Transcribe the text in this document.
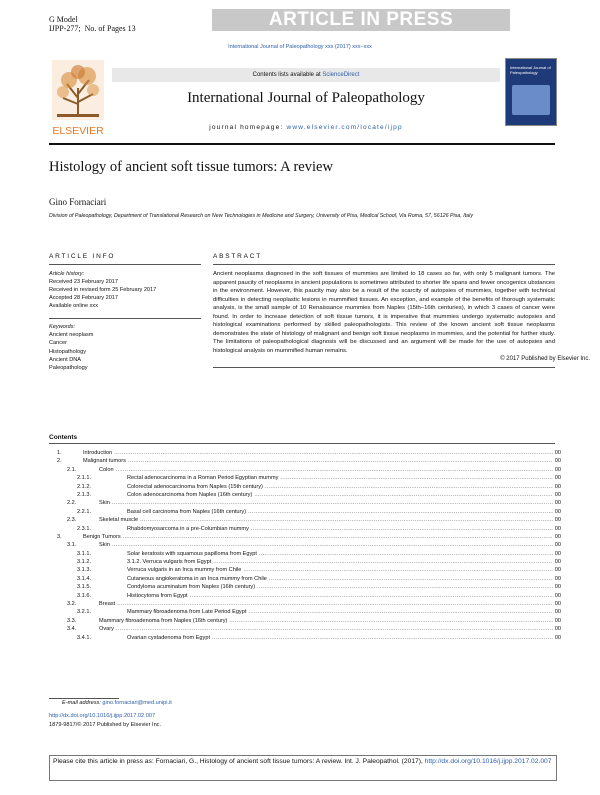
G Model
IJPP-277; No. of Pages 13	ARTICLE IN PRESS
International Journal of Paleopathology xxx (2017) xxx–xxx
ELSEVIER
Contents lists available at ScienceDirect
International Journal of Paleopathology
journal homepage: www.elsevier.com/locate/ijpp
International Journal of Paleopathology
Histology of ancient soft tissue tumors: A review
Gino Fornaciari
Division of Paleopathology, Department of Translational Research on New Technologies in Medicine and Surgery, University of Pisa, Medical School, Via Roma, 57, 56126 Pisa, Italy
ARTICLE INFO	ABSTRACT
Article history:
Received 23 February 2017
Received in revised form 25 February 2017
Accepted 28 February 2017
Available online xxx
Keywords:
Ancient neoplasm
Cancer
Histopathology
Ancient DNA
Paleopathology
Ancient neoplasms diagnosed in the soft tissues of mummies are limited to 18 cases so far, with only 5 malignant tumors. The apparent paucity of neoplasms in ancient populations is sometimes attributed to shorter life spans and fewer oncogenics ubstances in the environment. However, this paucity may also be a result of the scarcity of autopsies of mummies, together with technical difficulties in detecting neoplastic lesions in mummified tissues. An exception, and example of the benefits of thorough systematic analysis, is the small sample of 10 Renaissance mummies from Naples (15th–16th centuries), in which 3 cases of cancer were found. In order to increase detection of soft tissue tumors, it is imperative that mummies undergo systematic autopsies and histological examinations performed by skilled paleopathologists. This review of the known ancient soft tissue neoplasms demonstrates the state of histology of malignant and benign soft tissue neoplasms in mummies, and the potential for further study. The limitations of paleopathological diagnosis will be discussed and an argument will be made for the use of autopsies and histological analysis on mummified human remains.
© 2017 Published by Elsevier Inc.
Contents
1.	Introduction .....	00
2.	Malignant tumors .....	00
2.1.	Colon .....	00
2.1.1.	Rectal adenocarcinoma in a Roman Period Egyptian mummy .....	00
2.1.2.	Colorectal adenocarcinoma from Naples (15th century) .....	00
2.1.3.	Colon adenocarcinoma from Naples (16th century) .....	00
2.2.	Skin .....	00
2.2.1.	Basal cell carcinoma from Naples (16th century) .....	00
2.3.	Skeletal muscle .....	00
2.3.1.	Rhabdomyosarcoma in a pre-Columbian mummy .....	00
3.	Benign Tumors .....	00
3.1.	Skin .....	00
3.1.1.	Solar keratosis with squamous papilloma from Egypt .....	00
3.1.2.	3.1.2. Verruca vulgaris from Egypt .....	00
3.1.3.	Verruca vulgaris in an Inca mummy from Chile .....	00
3.1.4.	Cutaneous angiokeratoma in an Inca mummy from Chile .....	00
3.1.5.	Condyloma acuminatum from Naples (16th century) .....	00
3.1.6.	Histiocytoma from Egypt .....	00
3.2.	Breast .....	00
3.2.1.	Mammary fibroadenoma from Late Period Egypt .....	00
3.3.	Mammary fibroadenoma from Naples (16th century) .....	00
3.4.	Ovary .....	00
3.4.1.	Ovarian cystadenoma from Egypt .....	00
E-mail address: gino.fornaciari@med.unipi.it
http://dx.doi.org/10.1016/j.ijpp.2017.02.007
1879-9817/© 2017 Published by Elsevier Inc.
Please cite this article in press as: Fornaciari, G., Histology of ancient soft tissue tumors: A review. Int. J. Paleopathol. (2017), http://dx.doi.org/10.1016/j.ijpp.2017.02.007
